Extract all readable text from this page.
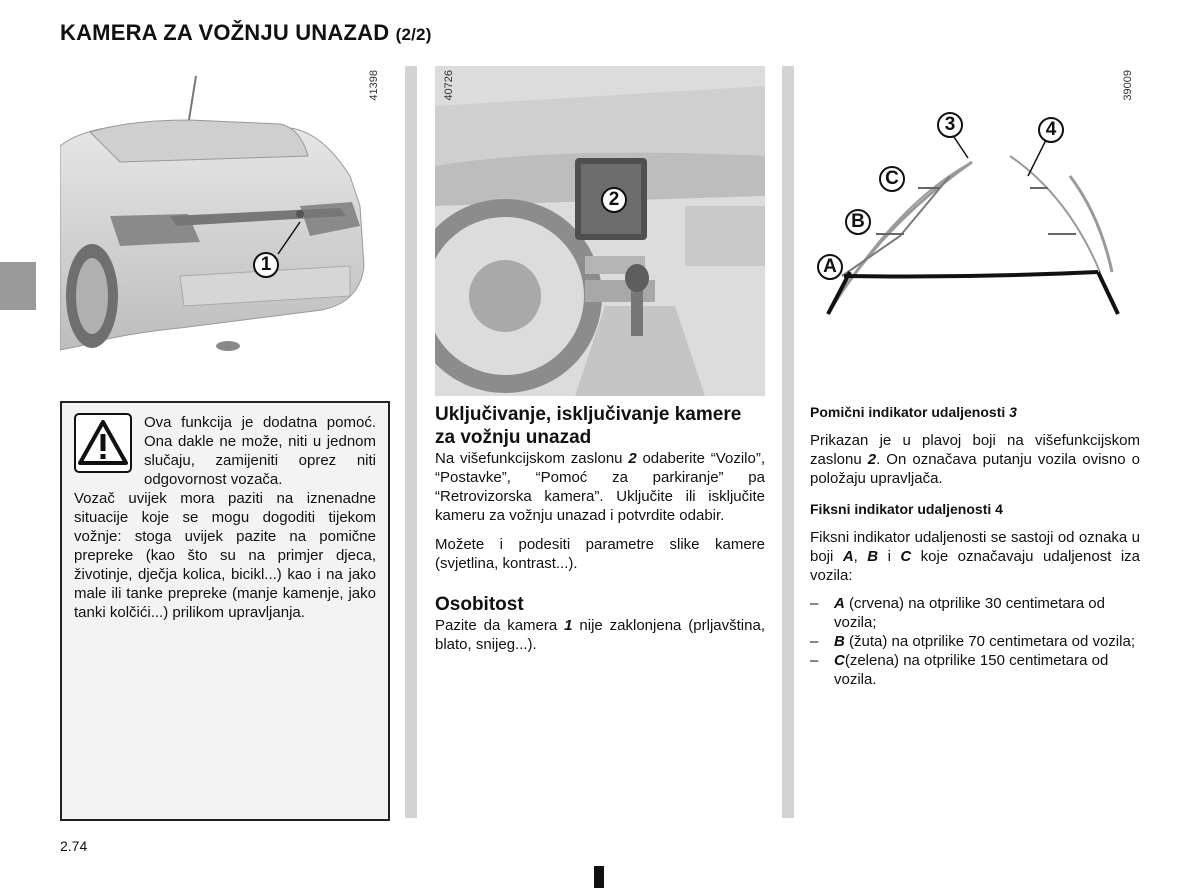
KAMERA ZA VOŽNJU UNAZAD (2/2)
1
41398
2
40726
3	4
A
B
C
39009
Ova funkcija je dodatna pomoć. Ona dakle ne može, niti u jednom slučaju, zamijeniti oprez niti odgovornost vozača.
Vozač uvijek mora paziti na iznenadne situacije koje se mogu dogoditi tijekom vožnje: stoga uvijek pazite na pomične prepreke (kao što su na primjer djeca, životinje, dječja kolica, bicikl...) kao i na jako male ili tanke prepreke (manje kamenje, jako tanki kolčići...) prilikom upravljanja.
Uključivanje, isključivanje kamere za vožnju unazad
Na višefunkcijskom zaslonu 2 odaberite “Vozilo”, “Postavke”, “Pomoć za parkiranje” pa “Retrovizorska kamera”. Uključite ili isključite kameru za vožnju unazad i potvrdite odabir.
Možete i podesiti parametre slike kamere (svjetlina, kontrast...).
Osobitost
Pazite da kamera 1 nije zaklonjena (prljavština, blato, snijeg...).
Pomični indikator udaljenosti 3
Prikazan je u plavoj boji na višefunkcijskom zaslonu 2. On označava putanju vozila ovisno o položaju upravljača.
Fiksni indikator udaljenosti 4
Fiksni indikator udaljenosti se sastoji od oznaka u boji A, B i C koje označavaju udaljenost iza vozila:
–	A (crvena) na otprilike 30 centimetara od vozila;
–	B (žuta) na otprilike 70 centimetara od vozila;
–	C(zelena) na otprilike 150 centimetara od vozila.
2.74
